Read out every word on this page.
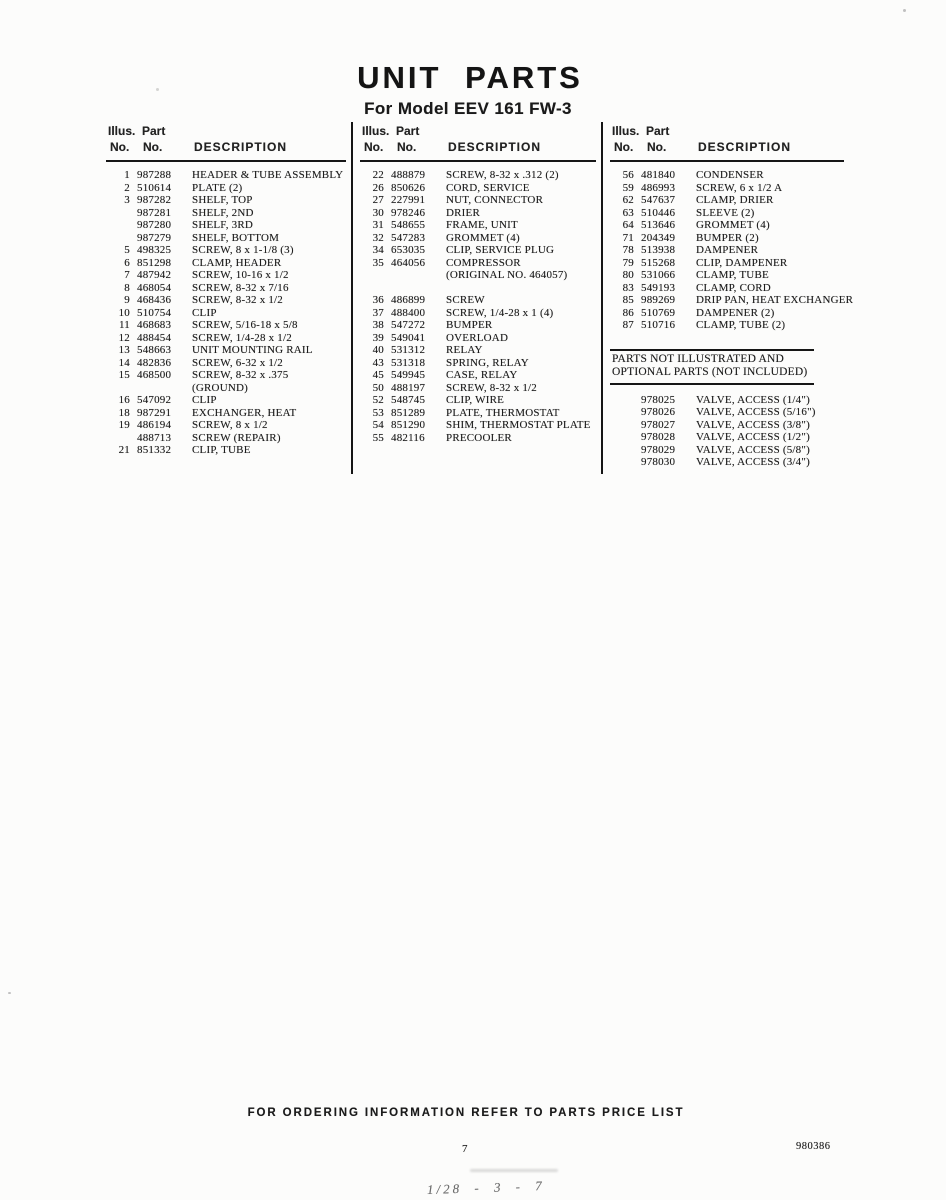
UNIT PARTS
For Model EEV 161 FW-3
Illus. Part
No. No.	DESCRIPTION
1 987288	HEADER & TUBE ASSEMBLY
2 510614	PLATE (2)
3 987282	SHELF, TOP
987281	SHELF, 2ND
987280	SHELF, 3RD
987279	SHELF, BOTTOM
5 498325	SCREW, 8 x 1-1/8 (3)
6 851298	CLAMP, HEADER
7 487942	SCREW, 10-16 x 1/2
8 468054	SCREW, 8-32 x 7/16
9 468436	SCREW, 8-32 x 1/2
10 510754	CLIP
11 468683	SCREW, 5/16-18 x 5/8
12 488454	SCREW, 1/4-28 x 1/2
13 548663	UNIT MOUNTING RAIL
14 482836	SCREW, 6-32 x 1/2
15 468500	SCREW, 8-32 x .375
(GROUND)
16 547092	CLIP
18 987291	EXCHANGER, HEAT
19 486194	SCREW, 8 x 1/2
488713	SCREW (REPAIR)
21 851332	CLIP, TUBE
Illus. Part
No. No.	DESCRIPTION
22 488879	SCREW, 8-32 x .312 (2)
26 850626	CORD, SERVICE
27 227991	NUT, CONNECTOR
30 978246	DRIER
31 548655	FRAME, UNIT
32 547283	GROMMET (4)
34 653035	CLIP, SERVICE PLUG
35 464056	COMPRESSOR
(ORIGINAL NO. 464057)
36 486899	SCREW
37 488400	SCREW, 1/4-28 x 1 (4)
38 547272	BUMPER
39 549041	OVERLOAD
40 531312	RELAY
43 531318	SPRING, RELAY
45 549945	CASE, RELAY
50 488197	SCREW, 8-32 x 1/2
52 548745	CLIP, WIRE
53 851289	PLATE, THERMOSTAT
54 851290	SHIM, THERMOSTAT PLATE
55 482116	PRECOOLER
Illus. Part
No. No.	DESCRIPTION
56 481840	CONDENSER
59 486993	SCREW, 6 x 1/2 A
62 547637	CLAMP, DRIER
63 510446	SLEEVE (2)
64 513646	GROMMET (4)
71 204349	BUMPER (2)
78 513938	DAMPENER
79 515268	CLIP, DAMPENER
80 531066	CLAMP, TUBE
83 549193	CLAMP, CORD
85 989269	DRIP PAN, HEAT EXCHANGER
86 510769	DAMPENER (2)
87 510716	CLAMP, TUBE (2)
PARTS NOT ILLUSTRATED AND
OPTIONAL PARTS (NOT INCLUDED)
978025	VALVE, ACCESS (1/4")
978026	VALVE, ACCESS (5/16")
978027	VALVE, ACCESS (3/8")
978028	VALVE, ACCESS (1/2")
978029	VALVE, ACCESS (5/8")
978030	VALVE, ACCESS (3/4")
FOR ORDERING INFORMATION REFER TO PARTS PRICE LIST
7	980386
1/28 - 3 - 7
